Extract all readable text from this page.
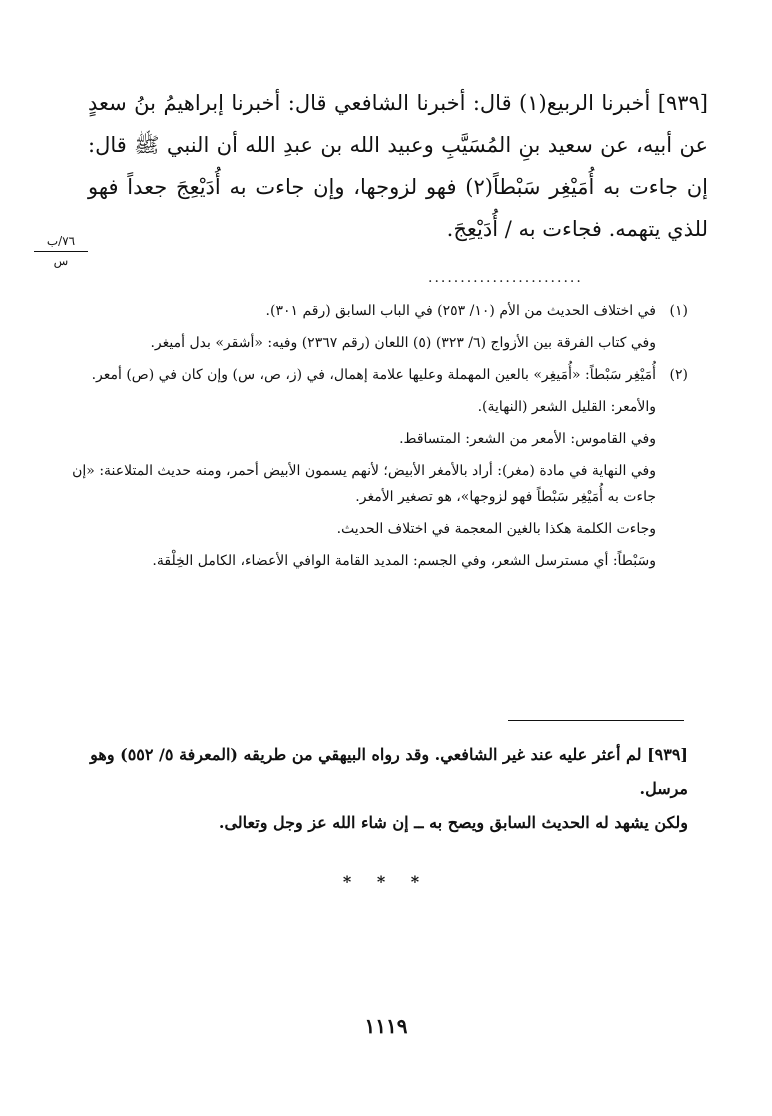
[٩٣٩] أخبرنا الربيع(١) قال: أخبرنا الشافعي قال: أخبرنا إبراهيمُ بنُ سعدٍ عن أبيه، عن سعيد بنِ المُسَيَّبِ وعبيد الله بن عبدِ الله أن النبي ﷺ قال: إن جاءت به أُمَيْغِر سَبْطاً(٢) فهو لزوجها، وإن جاءت به أُدَيْعِجَ جعداً فهو للذي يتهمه. فجاءت به / أُدَيْعِجَ.

٧٦/ب
س
........................

(١)في اختلاف الحديث من الأم (١٠/ ٢٥٣) في الباب السابق (رقم ٣٠١).

وفي كتاب الفرقة بين الأزواج (٦/ ٣٢٣) (٥) اللعان (رقم ٢٣٦٧) وفيه: «أشقر» بدل أميغر.

(٢)أُمَيْغِر سَبْطاً: «أُمَيغِر» بالعين المهملة وعليها علامة إهمال، في (ز، ص، س) وإن كان في (ص) أمعر.

والأمعر: القليل الشعر (النهاية).

وفي القاموس: الأمعر من الشعر: المتساقط.

وفي النهاية في مادة (مغر): أراد بالأمغر الأبيض؛ لأنهم يسمون الأبيض أحمر، ومنه حديث المتلاعنة: «إن جاءت به أُمَيْغِر سَبْطاً فهو لزوجها»، هو تصغير الأمغر.

وجاءت الكلمة هكذا بالغين المعجمة في اختلاف الحديث.

وسَبْطاً: أي مسترسل الشعر، وفي الجسم: المديد القامة الوافي الأعضاء، الكامل الخِلْقة.

[٩٣٩] لم أعثر عليه عند غير الشافعي. وقد رواه البيهقي من طريقه (المعرفة ٥/ ٥٥٢) وهو مرسل.

ولكن يشهد له الحديث السابق ويصح به ــ إن شاء الله عز وجل وتعالى.

* * *
١١١٩
